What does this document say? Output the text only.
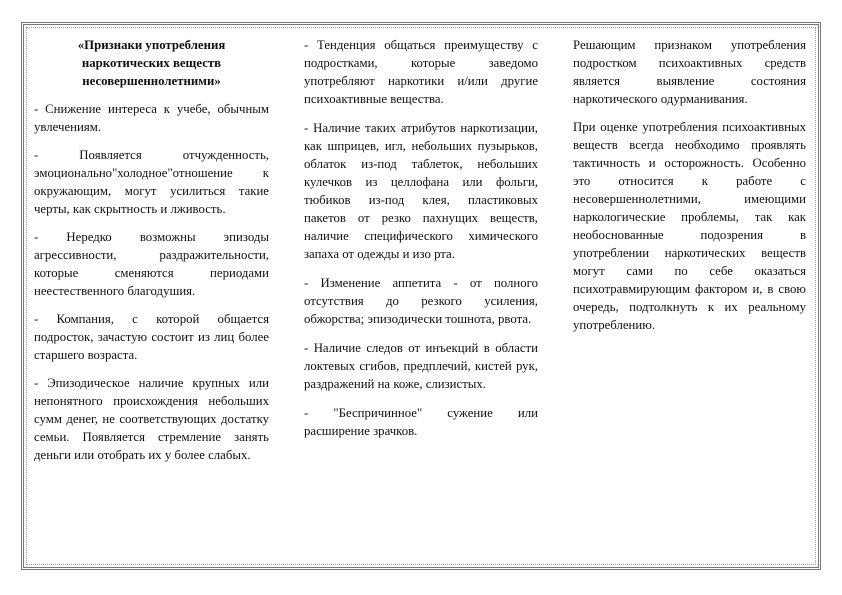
«Признаки употребления наркотических веществ несовершеннолетними»

- Снижение интереса к учебе, обычным увлечениям.

- Появляется отчужденность, эмоционально"холодное"отношение к окружающим, могут усилиться такие черты, как скрытность и лживость.

- Нередко возможны эпизоды агрессивности, раздражительности, которые сменяются периодами неестественного благодушия.

- Компания, с которой общается подросток, зачастую состоит из лиц более старшего возраста.

- Эпизодическое наличие крупных или непонятного происхождения небольших сумм денег, не соответствующих достатку семьи. Появляется стремление занять деньги или отобрать их у более слабых.

- Тенденция общаться преимуществу с подростками, которые заведомо употребляют наркотики и/или другие психоактивные вещества.

- Наличие таких атрибутов наркотизации, как шприцев, игл, небольших пузырьков, облаток из-под таблеток, небольших кулечков из целлофана или фольги, тюбиков из-под клея, пластиковых пакетов от резко пахнущих веществ, наличие специфического химического запаха от одежды и изо рта.

- Изменение аппетита - от полного отсутствия до резкого усиления, обжорства; эпизодически тошнота, рвота.

- Наличие следов от инъекций в области локтевых сгибов, предплечий, кистей рук, раздражений на коже, слизистых.

- "Беспричинное" сужение или расширение зрачков.

Решающим признаком употребления подростком психоактивных средств является выявление состояния наркотического одурманивания.

При оценке употребления психоактивных веществ всегда необходимо проявлять тактичность и осторожность. Особенно это относится к работе с несовершеннолетними, имеющими наркологические проблемы, так как необоснованные подозрения в употреблении наркотических веществ могут сами по себе оказаться психотравмирующим фактором и, в свою очередь, подтолкнуть к их реальному употреблению.
